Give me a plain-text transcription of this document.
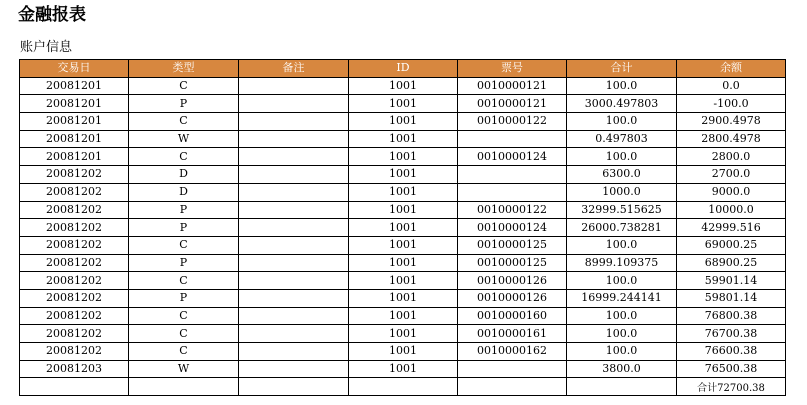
金融报表
账户信息
交易日	类型	备注	ID	票号	合计	余额
20081201	C		1001	0010000121	100.0	0.0
20081201	P		1001	0010000121	3000.497803	-100.0
20081201	C		1001	0010000122	100.0	2900.4978
20081201	W		1001		0.497803	2800.4978
20081201	C		1001	0010000124	100.0	2800.0
20081202	D		1001		6300.0	2700.0
20081202	D		1001		1000.0	9000.0
20081202	P		1001	0010000122	32999.515625	10000.0
20081202	P		1001	0010000124	26000.738281	42999.516
20081202	C		1001	0010000125	100.0	69000.25
20081202	P		1001	0010000125	8999.109375	68900.25
20081202	C		1001	0010000126	100.0	59901.14
20081202	P		1001	0010000126	16999.244141	59801.14
20081202	C		1001	0010000160	100.0	76800.38
20081202	C		1001	0010000161	100.0	76700.38
20081202	C		1001	0010000162	100.0	76600.38
20081203	W		1001		3800.0	76500.38
						合计72700.38
